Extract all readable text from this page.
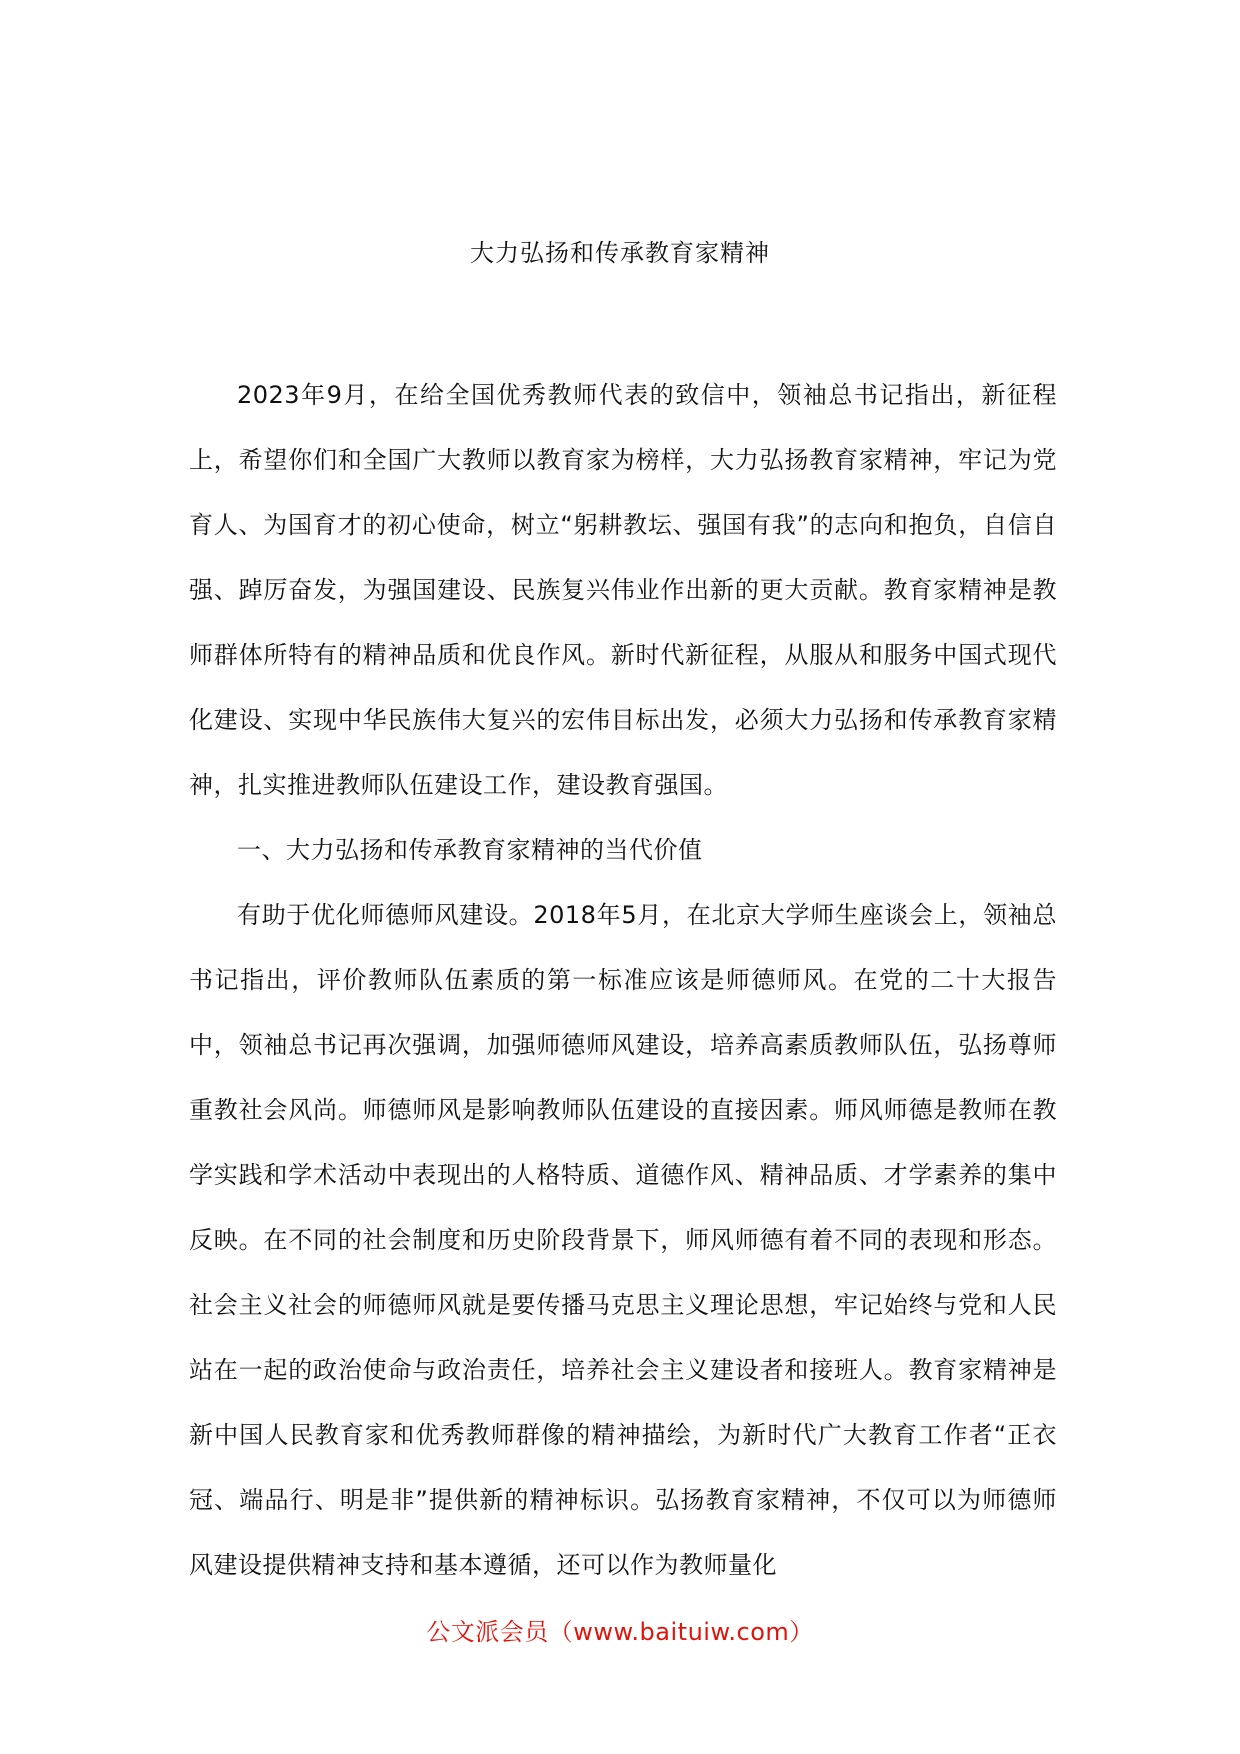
大力弘扬和传承教育家精神

2023年9月，在给全国优秀教师代表的致信中，领袖总书记指出，新征程上，希望你们和全国广大教师以教育家为榜样，大力弘扬教育家精神，牢记为党育人、为国育才的初心使命，树立“躬耕教坛、强国有我”的志向和抱负，自信自强、踔厉奋发，为强国建设、民族复兴伟业作出新的更大贡献。教育家精神是教师群体所特有的精神品质和优良作风。新时代新征程，从服从和服务中国式现代化建设、实现中华民族伟大复兴的宏伟目标出发，必须大力弘扬和传承教育家精神，扎实推进教师队伍建设工作，建设教育强国。

一、大力弘扬和传承教育家精神的当代价值

有助于优化师德师风建设。2018年5月，在北京大学师生座谈会上，领袖总书记指出，评价教师队伍素质的第一标准应该是师德师风。在党的二十大报告中，领袖总书记再次强调，加强师德师风建设，培养高素质教师队伍，弘扬尊师重教社会风尚。师德师风是影响教师队伍建设的直接因素。师风师德是教师在教学实践和学术活动中表现出的人格特质、道德作风、精神品质、才学素养的集中反映。在不同的社会制度和历史阶段背景下，师风师德有着不同的表现和形态。社会主义社会的师德师风就是要传播马克思主义理论思想，牢记始终与党和人民站在一起的政治使命与政治责任，培养社会主义建设者和接班人。教育家精神是新中国人民教育家和优秀教师群像的精神描绘，为新时代广大教育工作者“正衣冠、端品行、明是非”提供新的精神标识。弘扬教育家精神，不仅可以为师德师风建设提供精神支持和基本遵循，还可以作为教师量化

公文派会员（www.baituiw.com）
